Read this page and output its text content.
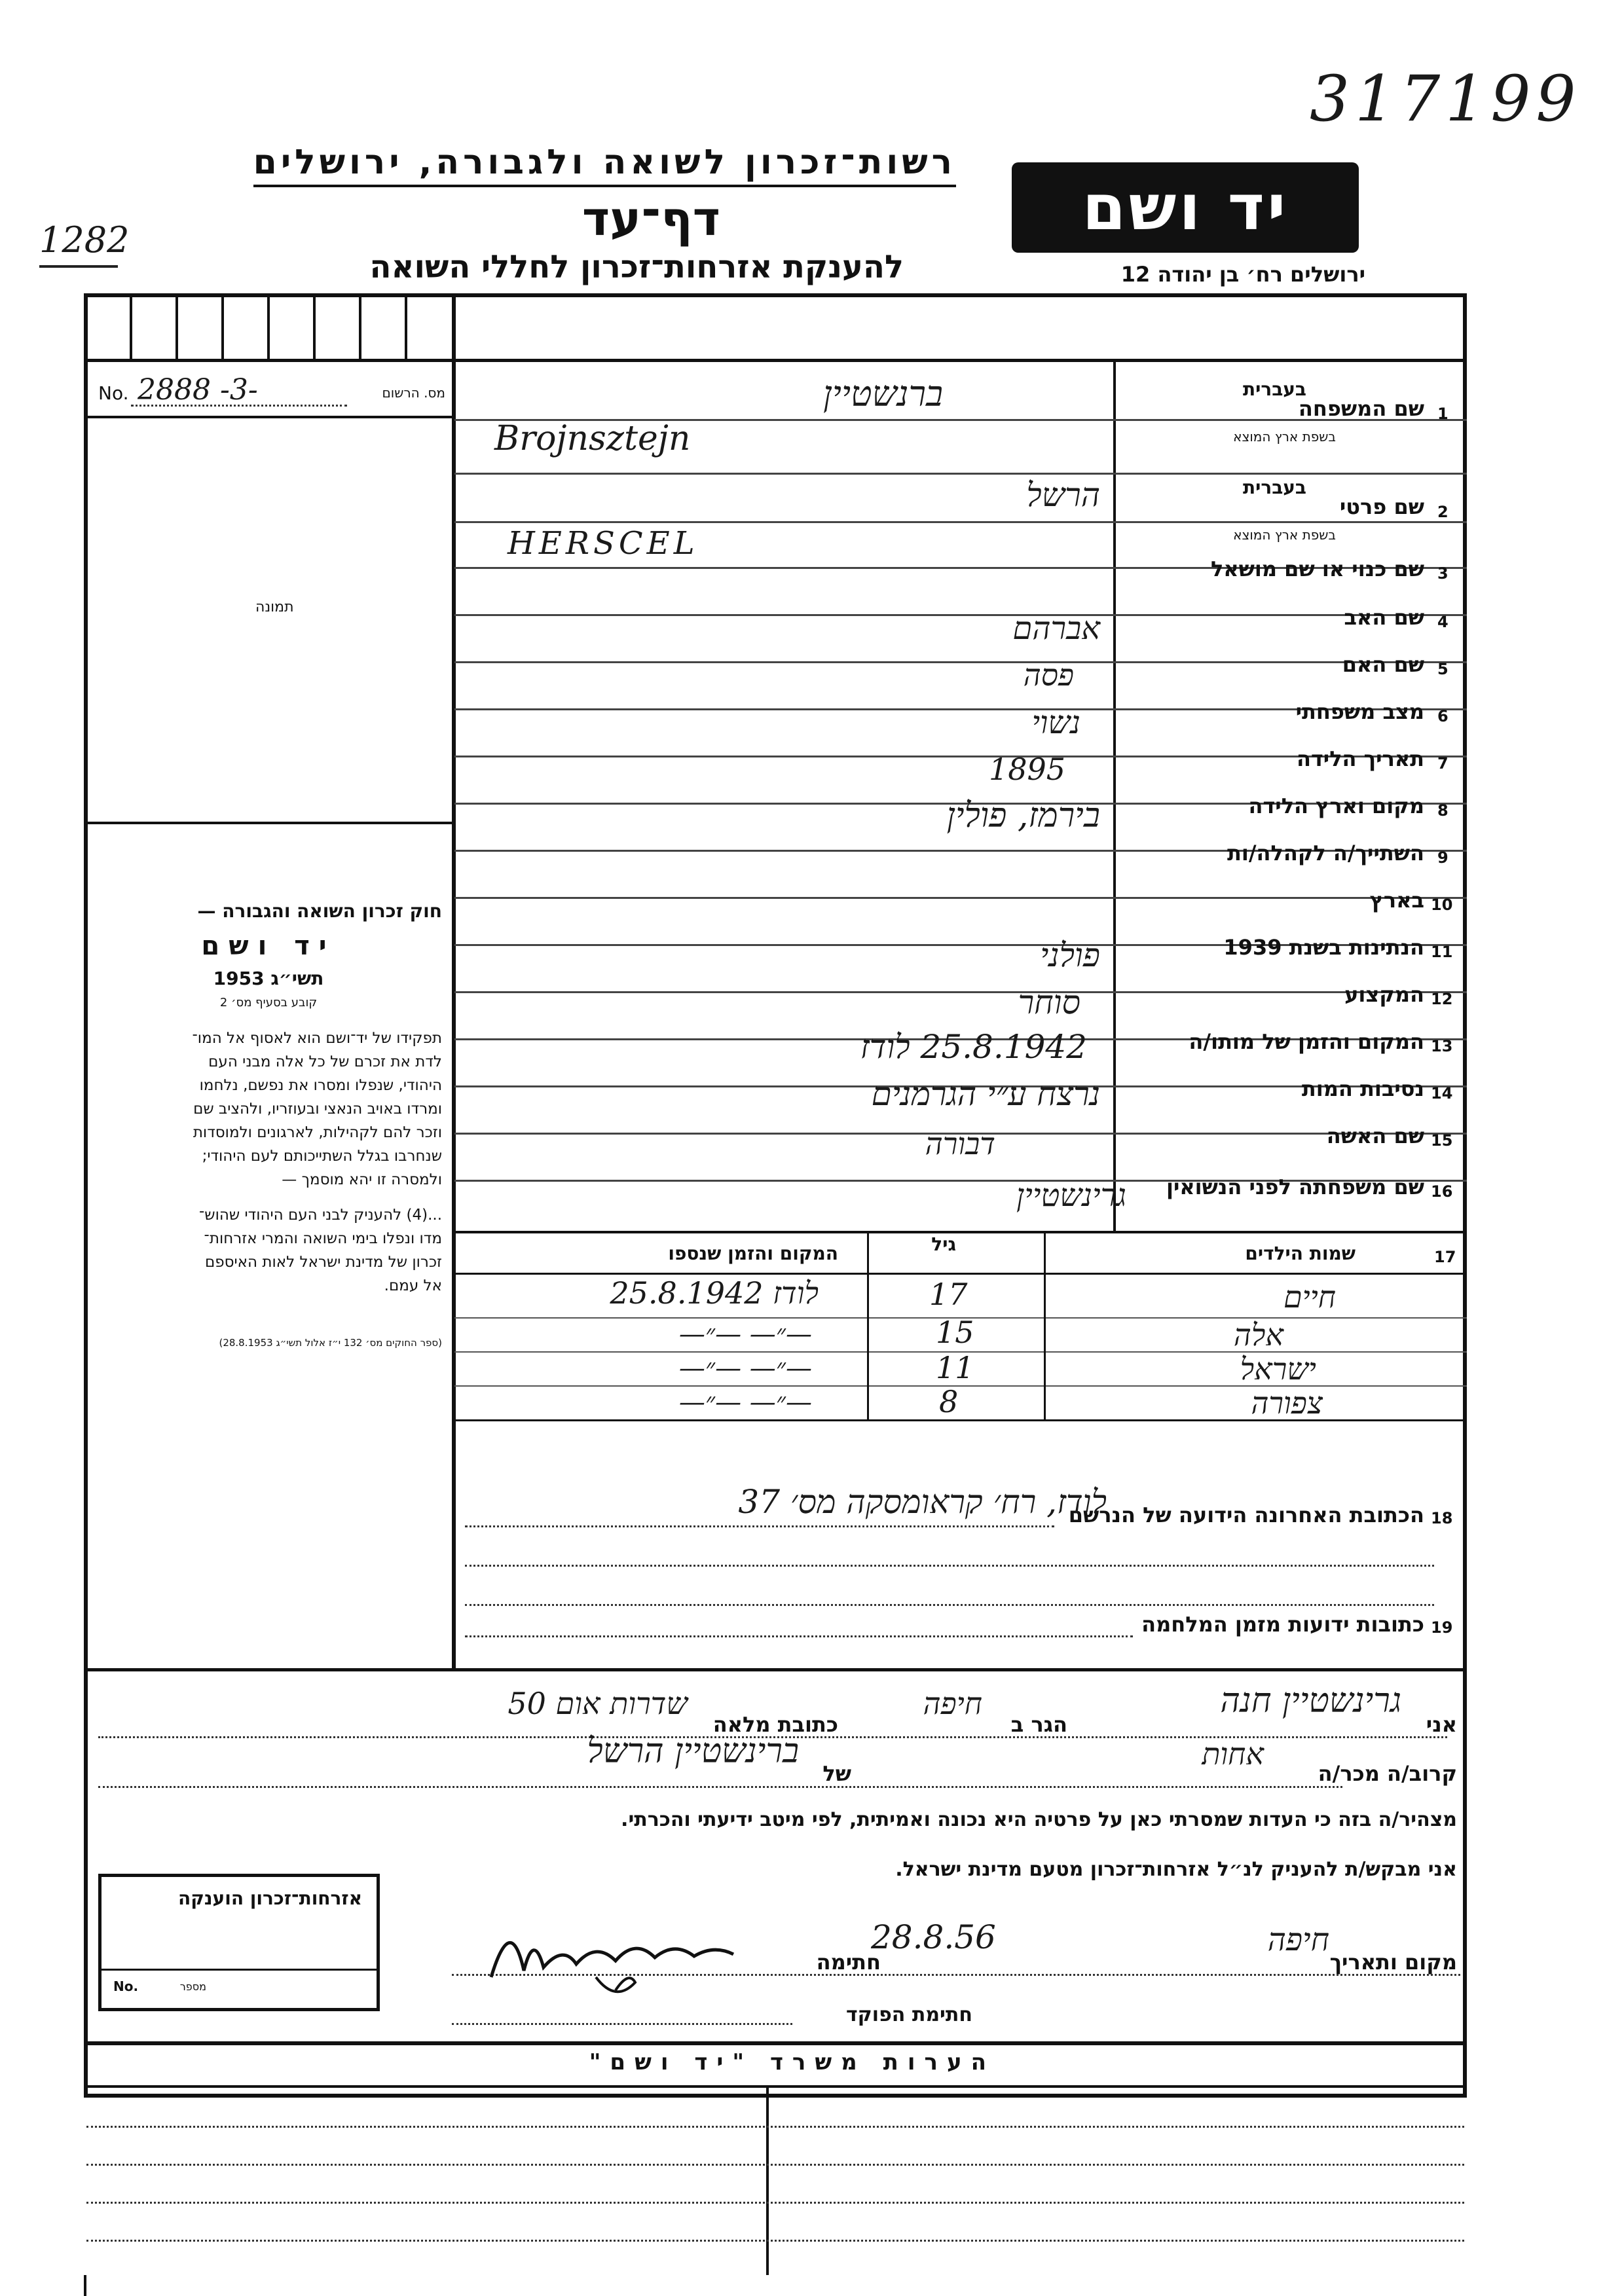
317199
1282
רשות־זכרון לשואה ולגבורה, ירושלים
דף־עד
להענקת אזרחות־זכרון לחללי השואה
יד ושם
ירושלים רח׳ בן יהודה 12
No. 2888 -3-	מס. הרשום
תמונה

חוק זכרון השואה והגבורה —

יד ושם

תשי״ג 1953

קובע בסעיף מס׳ 2

תפקידו של יד־ושם הוא לאסוף אל המו־

לדת את זכרם של כל אלה מבני העם

היהודי, שנפלו ומסרו את נפשם, נלחמו

ומרדו באויב הנאצי ובעוזריו, ולהציב שם

וזכר להם לקהילות, לארגונים ולמוסדות

שנחרבו בגלל השתייכותם לעם היהודי;

ולמסרה זו יהא מוסמך —

...(4) להעניק לבני העם היהודי שהוש־

מדו ונפלו בימי השואה והמרי אזרחות־

זכרון של מדינת ישראל לאות האיספם

אל עמם.

(ספר החוקים מס׳ 132 י״ז אלול תשי״ג 28.8.1953)

1
שם המשפחה
בעברית
בשפת ארץ המוצא
ברנשטיין
Brojnsztejn
2
שם פרטי
בעברית
בשפת ארץ המוצא
הרשל
HERSCEL
3
שם כנוי או שם מושאל
4
שם האב
אברהם
5
שם האם
פסה
6
מצב משפחתי
נשוי
7
תאריך הלידה
1895
8
מקום וארץ הלידה
בירמז, פולין
9
השתייך/ה לקהלה/ות
10
בארץ
11
הנתינות בשנת 1939
פולני
12
המקצוע
סוחר
13
המקום והזמן של מותו/ה
25.8.1942 לודז
14
נסיבות המות
נרצח ע״י הגרמנים
15
שם האשה
דבורה
16
שם משפחתה לפני הנשואין
גרינשטיין
17
שמות הילדים
גיל
המקום והזמן שנספו
חיים
17
לודז 25.8.1942
אלה
15
—״— —״—
ישראל
11
—״— —״—
צפורה
8
—״— —״—
18
הכתובת האחרונה הידועה של הנרשם
לודז, רח׳ קראומסקה מס׳ 37
19
כתובות ידועות מזמן המלחמה
אני
גרינשטיין חנה
הגר ב
חיפה
כתובת מלאה
שדרות אום 50
קרוב/ה מכר/ה
אחות
של
ברינשטיין הרשל
מצהיר/ה בזה כי העדות שמסרתי כאן על פרטיה היא נכונה ואמיתית, לפי מיטב ידיעתי והכרתי.
אני מבקש/ת להעניק לנ״ל אזרחות־זכרון מטעם מדינת ישראל.
אזרחות־זכרון הוענקה
No.	מספר
מקום ותאריך
חיפה
28.8.56
חתימה
חתימת הפוקד
הערות משרד "יד ושם"
